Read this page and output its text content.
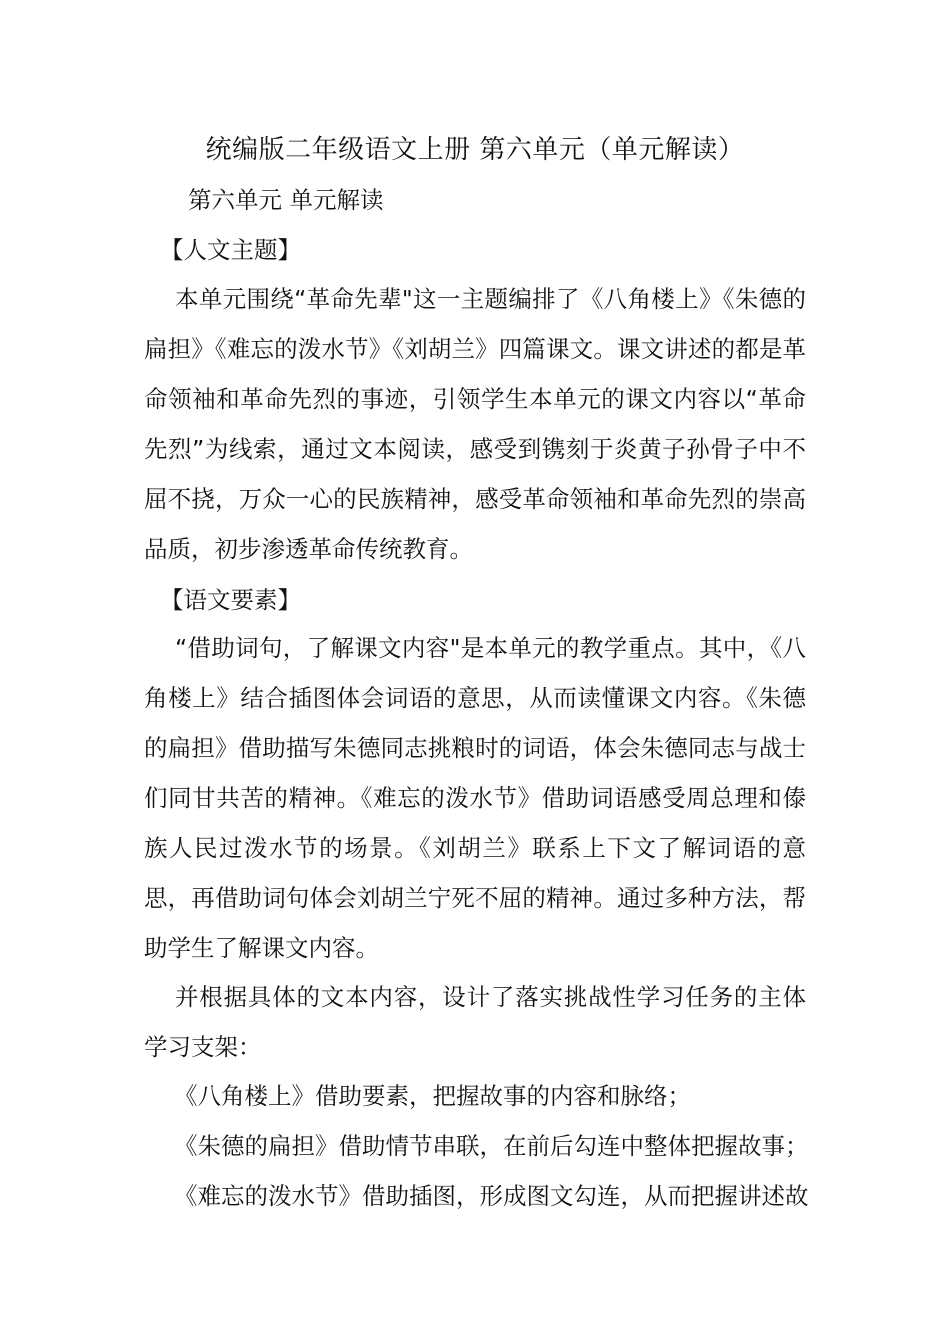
统编版二年级语文上册 第六单元（单元解读）

第六单元 单元解读

【人文主题】

本单元围绕“革命先辈"这一主题编排了《八角楼上》《朱德的扁担》《难忘的泼水节》《刘胡兰》四篇课文。课文讲述的都是革命领袖和革命先烈的事迹，引领学生本单元的课文内容以“革命先烈”为线索，通过文本阅读，感受到镌刻于炎黄子孙骨子中不屈不挠，万众一心的民族精神，感受革命领袖和革命先烈的崇高品质，初步渗透革命传统教育。

【语文要素】

“借助词句，了解课文内容"是本单元的教学重点。其中，《八角楼上》结合插图体会词语的意思，从而读懂课文内容。《朱德的扁担》借助描写朱德同志挑粮时的词语，体会朱德同志与战士们同甘共苦的精神。《难忘的泼水节》借助词语感受周总理和傣族人民过泼水节的场景。《刘胡兰》联系上下文了解词语的意思，再借助词句体会刘胡兰宁死不屈的精神。通过多种方法，帮助学生了解课文内容。

并根据具体的文本内容，设计了落实挑战性学习任务的主体学习支架：

《八角楼上》借助要素，把握故事的内容和脉络；

《朱德的扁担》借助情节串联，在前后勾连中整体把握故事；

《难忘的泼水节》借助插图，形成图文勾连，从而把握讲述故
